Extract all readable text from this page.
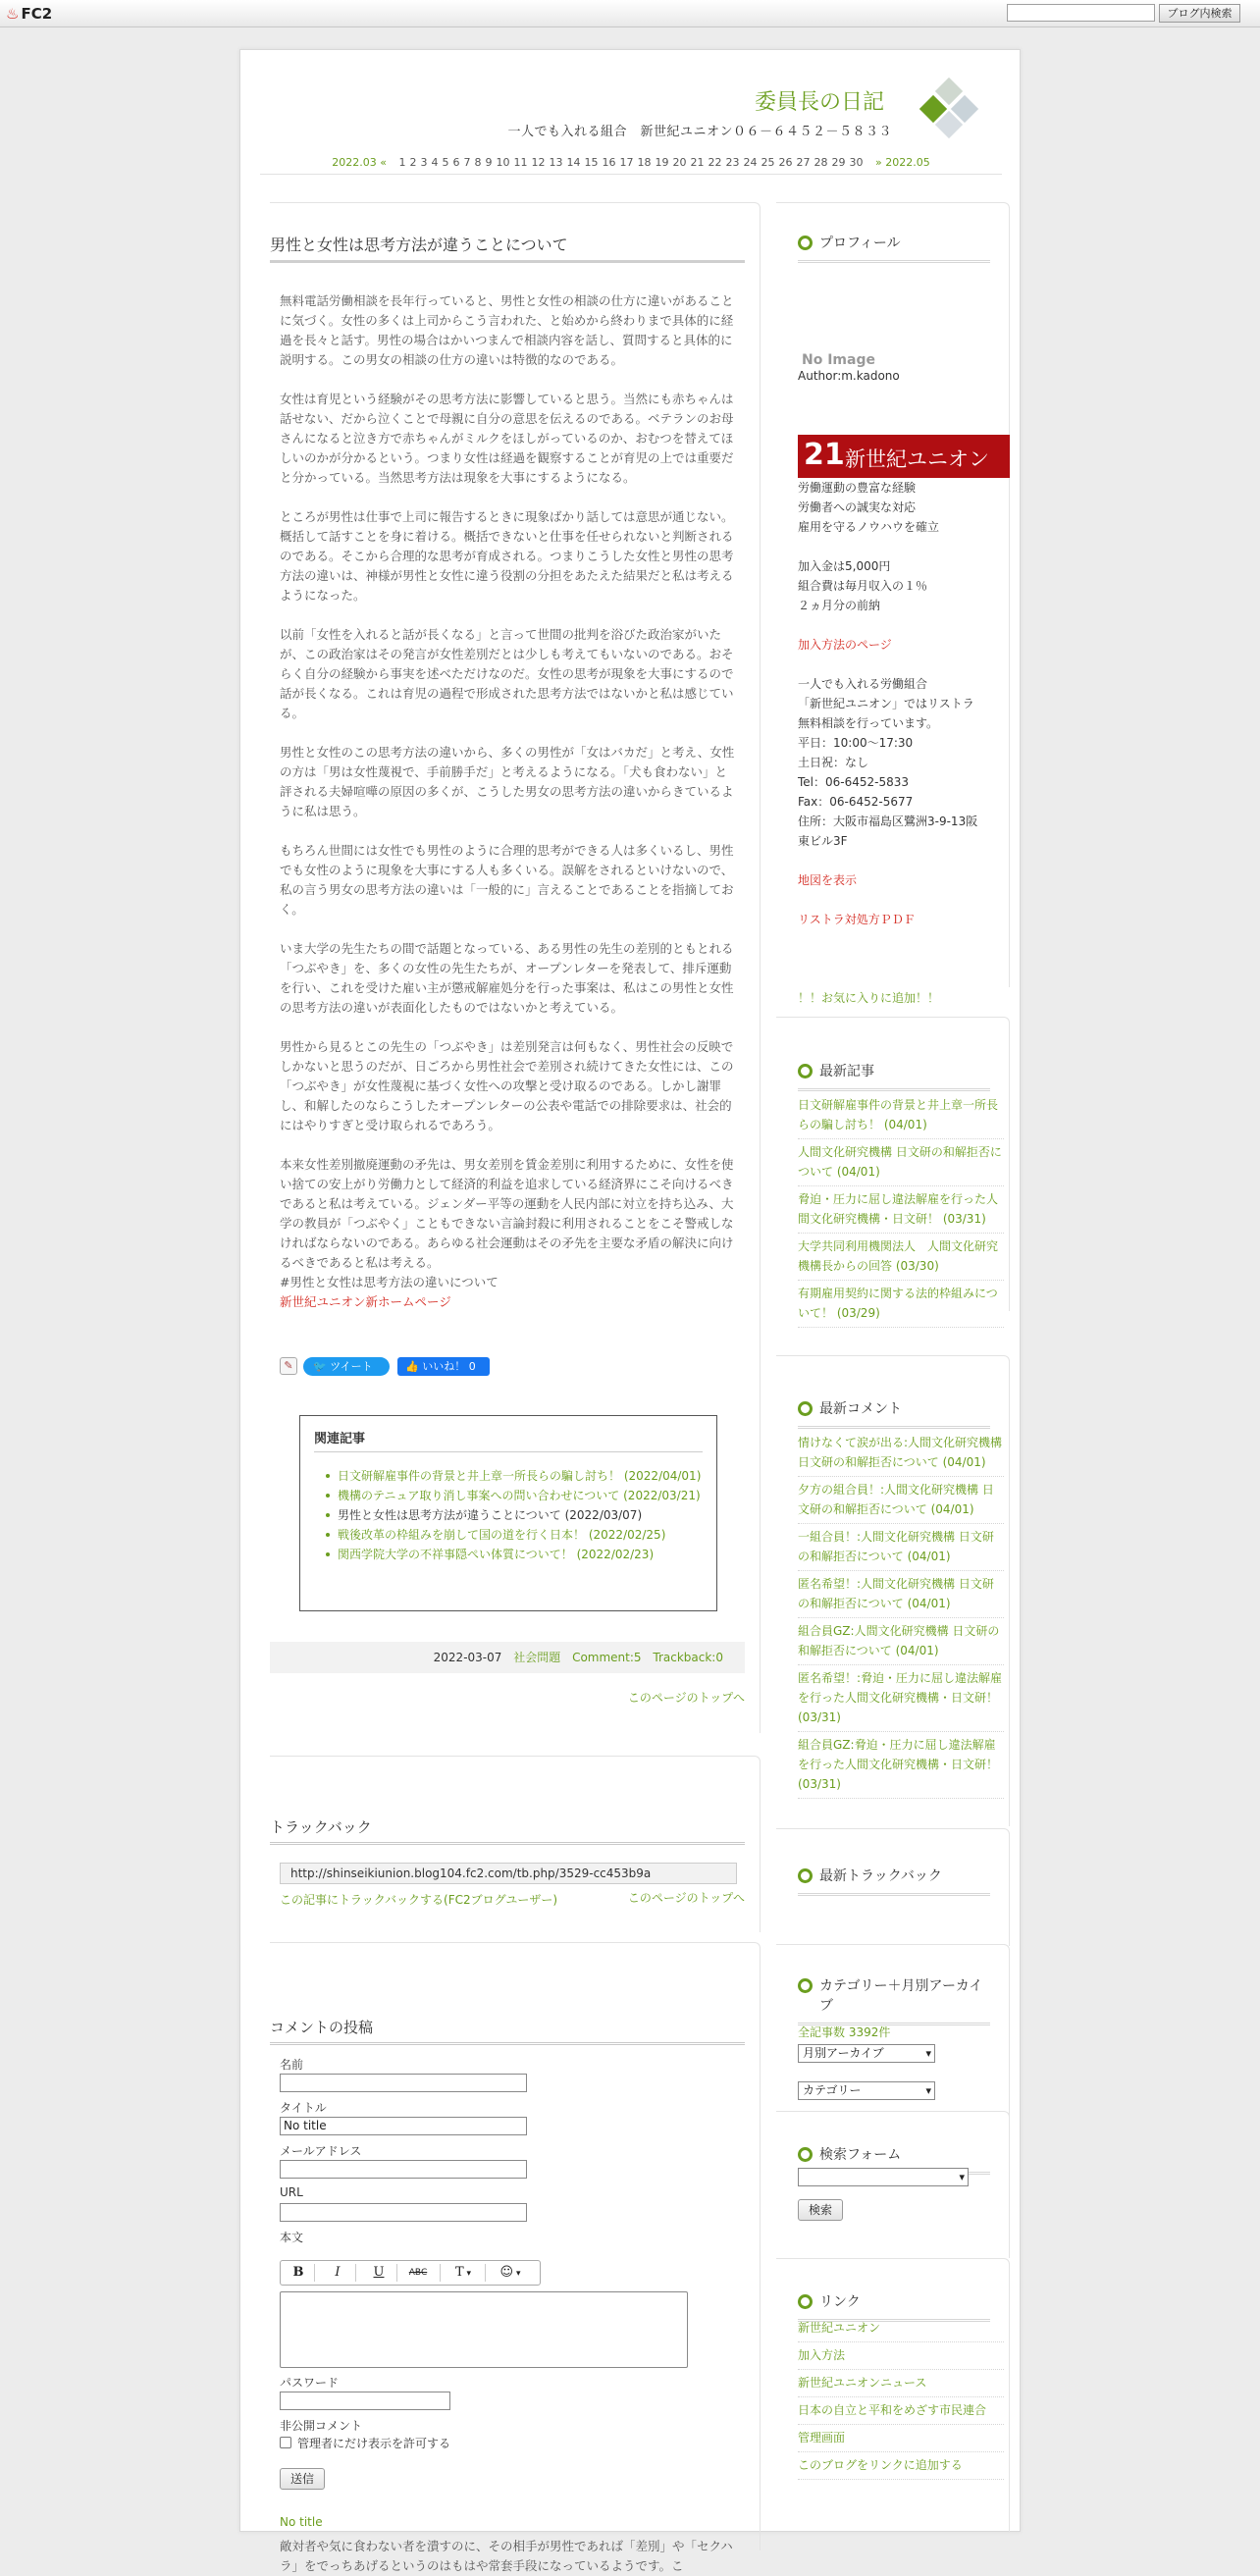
♨ FC2	ブログ内検索
委員長の日記
一人でも入れる組合　新世紀ユニオン０６－６４５２－５８３３
2022.03 « 1 2 3 4 5 6 7 8 9 10 11 12 13 14 15 16 17 18 19 20 21 22 23 24 25 26 27 28 29 30 » 2022.05
男性と女性は思考方法が違うことについて

無料電話労働相談を長年行っていると、男性と女性の相談の仕方に違いがあることに気づく。女性の多くは上司からこう言われた、と始めから終わりまで具体的に経過を長々と話す。男性の場合はかいつまんで相談内容を話し、質問すると具体的に説明する。この男女の相談の仕方の違いは特徴的なのである。

女性は育児という経験がその思考方法に影響していると思う。当然にも赤ちゃんは話せない、だから泣くことで母親に自分の意思を伝えるのである。ベテランのお母さんになると泣き方で赤ちゃんがミルクをほしがっているのか、おむつを替えてほしいのかが分かるという。つまり女性は経過を観察することが育児の上では重要だと分かっている。当然思考方法は現象を大事にするようになる。

ところが男性は仕事で上司に報告するときに現象ばかり話しては意思が通じない。概括して話すことを身に着ける。概括できないと仕事を任せられないと判断されるのである。そこから合理的な思考が育成される。つまりこうした女性と男性の思考方法の違いは、神様が男性と女性に違う役割の分担をあたえた結果だと私は考えるようになった。

以前「女性を入れると話が長くなる」と言って世間の批判を浴びた政治家がいたが、この政治家はその発言が女性差別だとは少しも考えてもいないのである。おそらく自分の経験から事実を述べただけなのだ。女性の思考が現象を大事にするので話が長くなる。これは育児の過程で形成された思考方法ではないかと私は感じている。

男性と女性のこの思考方法の違いから、多くの男性が「女はバカだ」と考え、女性の方は「男は女性蔑視で、手前勝手だ」と考えるようになる。「犬も食わない」と評される夫婦喧嘩の原因の多くが、こうした男女の思考方法の違いからきているように私は思う。

もちろん世間には女性でも男性のように合理的思考ができる人は多くいるし、男性でも女性のように現象を大事にする人も多くいる。誤解をされるといけないので、私の言う男女の思考方法の違いは「一般的に」言えることであることを指摘しておく。

いま大学の先生たちの間で話題となっている、ある男性の先生の差別的ともとれる「つぶやき」を、多くの女性の先生たちが、オープンレターを発表して、排斥運動を行い、これを受けた雇い主が懲戒解雇処分を行った事案は、私はこの男性と女性の思考方法の違いが表面化したものではないかと考えている。

男性から見るとこの先生の「つぶやき」は差別発言は何もなく、男性社会の反映でしかないと思うのだが、日ごろから男性社会で差別され続けてきた女性には、この「つぶやき」が女性蔑視に基づく女性への攻撃と受け取るのである。しかし謝罪し、和解したのならこうしたオープンレターの公表や電話での排除要求は、社会的にはやりすぎと受け取られるであろう。

本来女性差別撤廃運動の矛先は、男女差別を賃金差別に利用するために、女性を使い捨ての安上がり労働力として経済的利益を追求している経済界にこそ向けるべきであると私は考えている。ジェンダー平等の運動を人民内部に対立を持ち込み、大学の教員が「つぶやく」こともできない言論封殺に利用されることをこそ警戒しなければならないのである。あらゆる社会運動はその矛先を主要な矛盾の解決に向けるべきであると私は考える。

#男性と女性は思考方法の違いについて
新世紀ユニオン新ホームページ
✎	🐦 ツイート	👍 いいね！ 0
関連記事
日文研解雇事件の背景と井上章一所長らの騙し討ち！ (2022/04/01)
機構のテニュア取り消し事案への問い合わせについて (2022/03/21)
男性と女性は思考方法が違うことについて (2022/03/07)
戦後改革の枠組みを崩して国の道を行く日本！ (2022/02/25)
関西学院大学の不祥事隠ぺい体質について！ (2022/02/23)
2022-03-07 社会問題 Comment:5 Trackback:0
このページのトップへ
トラックバック
http://shinseikiunion.blog104.fc2.com/tb.php/3529-cc453b9a
この記事にトラックバックする(FC2ブログユーザー)	このページのトップへ
コメントの投稿
名前
タイトル
No title
メールアドレス
URL
本文
B	I	U	ABC	T ▾	☺ ▾
パスワード
非公開コメント
管理者にだけ表示を許可する
送信
No title
敵対者や気に食わない者を潰すのに、その相手が男性であれば「差別」や「セクハラ」をでっちあげるというのはもはや常套手段になっているようです。こ
プロフィール
No Image
Author:m.kadono
21 新世紀ユニオン
労働運動の豊富な経験
労働者への誠実な対応
雇用を守るノウハウを確立
加入金は5,000円
組合費は毎月収入の１％
２ヵ月分の前納
加入方法のページ
一人でも入れる労働組合
「新世紀ユニオン」ではリストラ
無料相談を行っています。
平日：10:00～17:30
土日祝：なし
Tel：06-6452-5833
Fax：06-6452-5677
住所：大阪市福島区鷺洲3-9-13阪
東ビル3F
地図を表示
リストラ対処方ＰＤＦ
！！お気に入りに追加！！
最新記事
日文研解雇事件の背景と井上章一所長らの騙し討ち！ (04/01)
人間文化研究機構 日文研の和解拒否について (04/01)
脅迫・圧力に屈し違法解雇を行った人間文化研究機構・日文研！ (03/31)
大学共同利用機関法人　人間文化研究機構長からの回答 (03/30)
有期雇用契約に関する法的枠組みについて！ (03/29)
最新コメント
情けなくて涙が出る:人間文化研究機構 日文研の和解拒否について (04/01)
夕方の組合員！:人間文化研究機構 日文研の和解拒否について (04/01)
一組合員！:人間文化研究機構 日文研の和解拒否について (04/01)
匿名希望！:人間文化研究機構 日文研の和解拒否について (04/01)
組合員GZ:人間文化研究機構 日文研の和解拒否について (04/01)
匿名希望！:脅迫・圧力に屈し違法解雇を行った人間文化研究機構・日文研！ (03/31)
組合員GZ:脅迫・圧力に屈し違法解雇を行った人間文化研究機構・日文研！ (03/31)
最新トラックバック
カテゴリー＋月別アーカイブ
全記事数 3392件
月別アーカイブ ▾
カテゴリー ▾
検索フォーム
▾
検索
リンク
新世紀ユニオン
加入方法
新世紀ユニオンニュース
日本の自立と平和をめざす市民連合
管理画面
このブログをリンクに追加する
